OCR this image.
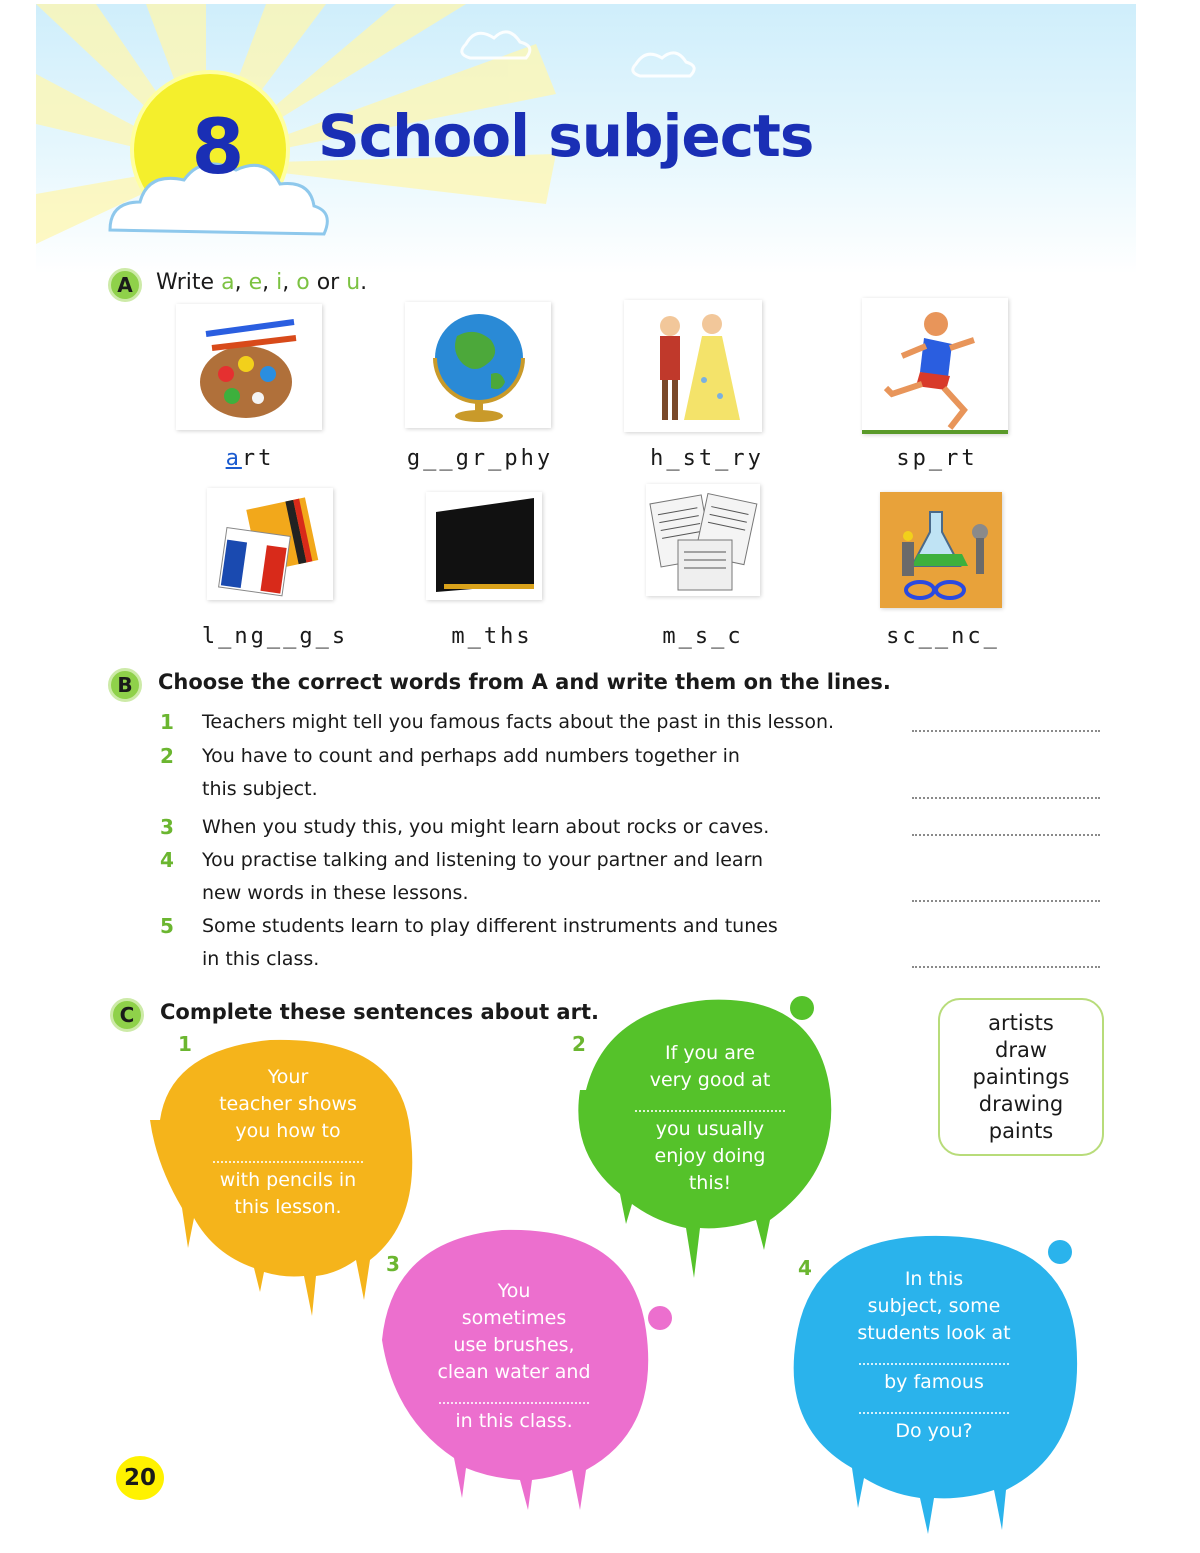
8 School subjects
A	Write a, e, i, o or u.
art	g__gr_phy	h_st_ry	sp_rt
l_ng__g_s	m_ths	m_s_c	sc__nc_
B	Choose the correct words from A and write them on the lines.
1	Teachers might tell you famous facts about the past in this lesson.
2	You have to count and perhaps add numbers together in
this subject.
3	When you study this, you might learn about rocks or caves.
4	You practise talking and listening to your partner and learn
new words in these lessons.
5	Some students learn to play different instruments and tunes
in this class.
C	Complete these sentences about art.
1
Your
teacher shows
you how to
with pencils in
this lesson.
2	If you are
very good at
you usually
enjoy doing
this!
3
You
sometimes
use brushes,
clean water and
in this class.
4	In this
subject, some
students look at
by famous
Do you?
artists
draw
paintings
drawing
paints
20
